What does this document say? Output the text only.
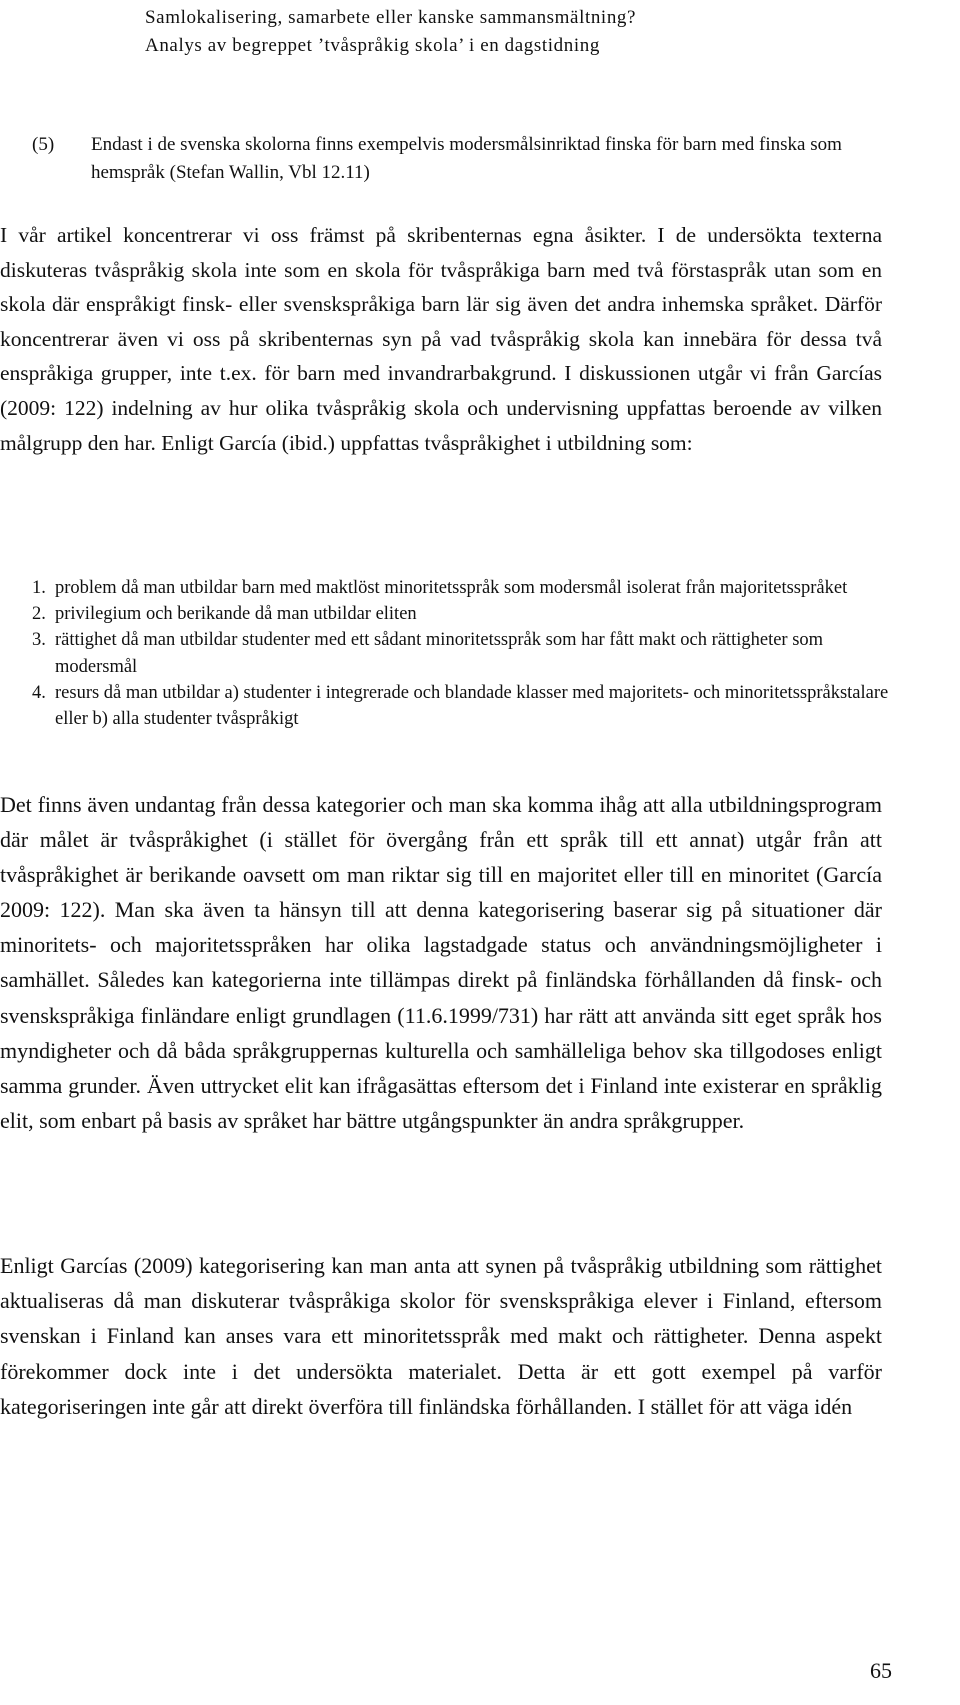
Samlokalisering, samarbete eller kanske sammansmältning?
Analys av begreppet ’tvåspråkig skola’ i en dagstidning
(5) Endast i de svenska skolorna finns exempelvis modersmålsinriktad finska för barn med finska som hemspråk (Stefan Wallin, Vbl 12.11)
I vår artikel koncentrerar vi oss främst på skribenternas egna åsikter. I de undersökta texterna diskuteras tvåspråkig skola inte som en skola för tvåspråkiga barn med två förstaspråk utan som en skola där enspråkigt finsk- eller svenskspråkiga barn lär sig även det andra inhemska språket. Därför koncentrerar även vi oss på skribenternas syn på vad tvåspråkig skola kan innebära för dessa två enspråkiga grupper, inte t.ex. för barn med invandrarbakgrund. I diskussionen utgår vi från Garcías (2009: 122) indelning av hur olika tvåspråkig skola och undervisning uppfattas beroende av vilken målgrupp den har. Enligt García (ibid.) uppfattas tvåspråkighet i utbildning som:
1. problem då man utbildar barn med maktlöst minoritetsspråk som modersmål isolerat från majoritetsspråket
2. privilegium och berikande då man utbildar eliten
3. rättighet då man utbildar studenter med ett sådant minoritetsspråk som har fått makt och rättigheter som modersmål
4. resurs då man utbildar a) studenter i integrerade och blandade klasser med majoritets- och minoritetsspråkstalare eller b) alla studenter tvåspråkigt
Det finns även undantag från dessa kategorier och man ska komma ihåg att alla utbildningsprogram där målet är tvåspråkighet (i stället för övergång från ett språk till ett annat) utgår från att tvåspråkighet är berikande oavsett om man riktar sig till en majoritet eller till en minoritet (García 2009: 122). Man ska även ta hänsyn till att denna kategorisering baserar sig på situationer där minoritets- och majoritetsspråken har olika lagstadgade status och användningsmöjligheter i samhället. Således kan kategorierna inte tillämpas direkt på finländska förhållanden då finsk- och svenskspråkiga finländare enligt grundlagen (11.6.1999/731) har rätt att använda sitt eget språk hos myndigheter och då båda språkgruppernas kulturella och samhälleliga behov ska tillgodoses enligt samma grunder. Även uttrycket elit kan ifrågasättas eftersom det i Finland inte existerar en språklig elit, som enbart på basis av språket har bättre utgångspunkter än andra språkgrupper.
Enligt Garcías (2009) kategorisering kan man anta att synen på tvåspråkig utbildning som rättighet aktualiseras då man diskuterar tvåspråkiga skolor för svenskspråkiga elever i Finland, eftersom svenskan i Finland kan anses vara ett minoritetsspråk med makt och rättigheter. Denna aspekt förekommer dock inte i det undersökta materialet. Detta är ett gott exempel på varför kategoriseringen inte går att direkt överföra till finländska förhållanden. I stället för att väga idén
65
